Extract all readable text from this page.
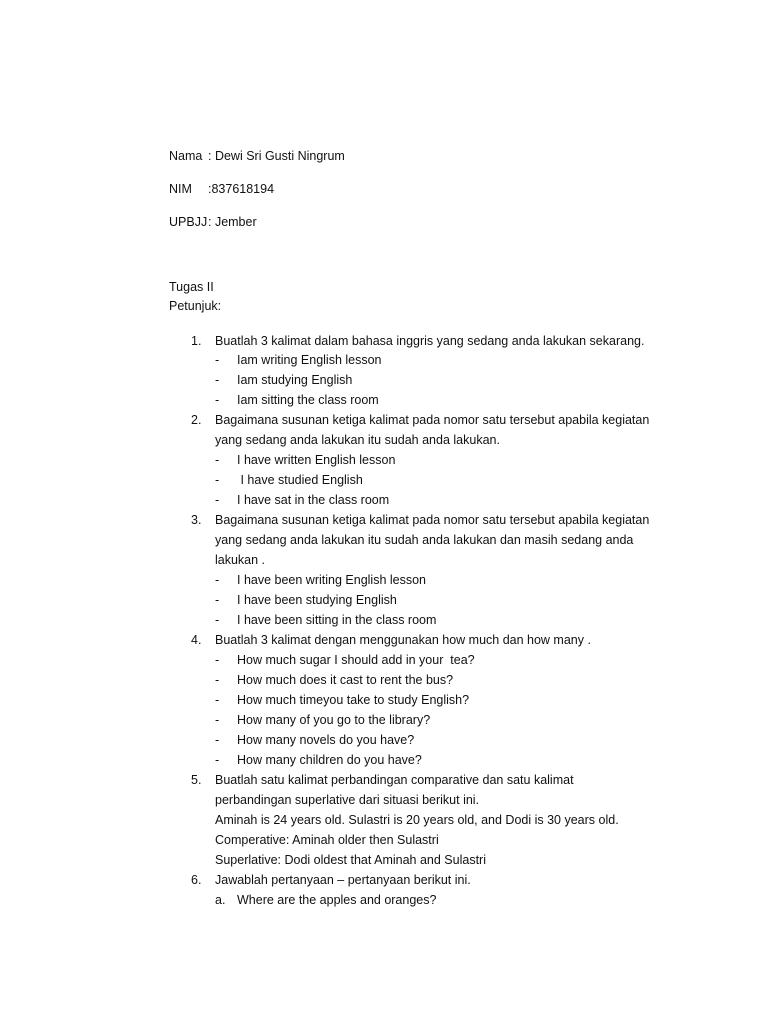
Nama : Dewi Sri Gusti Ningrum
NIM :837618194
UPBJJ : Jember
Tugas II
Petunjuk:
1. Buatlah 3 kalimat dalam bahasa inggris yang sedang anda lakukan sekarang.
- Iam writing English lesson
- Iam studying English
- Iam sitting the class room
2. Bagaimana susunan ketiga kalimat pada nomor satu tersebut apabila kegiatan
yang sedang anda lakukan itu sudah anda lakukan.
- I have written English lesson
- I have studied English
- I have sat in the class room
3. Bagaimana susunan ketiga kalimat pada nomor satu tersebut apabila kegiatan
yang sedang anda lakukan itu sudah anda lakukan dan masih sedang anda
lakukan .
- I have been writing English lesson
- I have been studying English
- I have been sitting in the class room
4. Buatlah 3 kalimat dengan menggunakan how much dan how many .
- How much sugar I should add in your  tea?
- How much does it cast to rent the bus?
- How much timeyou take to study English?
- How many of you go to the library?
- How many novels do you have?
- How many children do you have?
5. Buatlah satu kalimat perbandingan comparative dan satu kalimat
perbandingan superlative dari situasi berikut ini.
Aminah is 24 years old. Sulastri is 20 years old, and Dodi is 30 years old.
Comperative: Aminah older then Sulastri
Superlative: Dodi oldest that Aminah and Sulastri
6. Jawablah pertanyaan – pertanyaan berikut ini.
a. Where are the apples and oranges?
